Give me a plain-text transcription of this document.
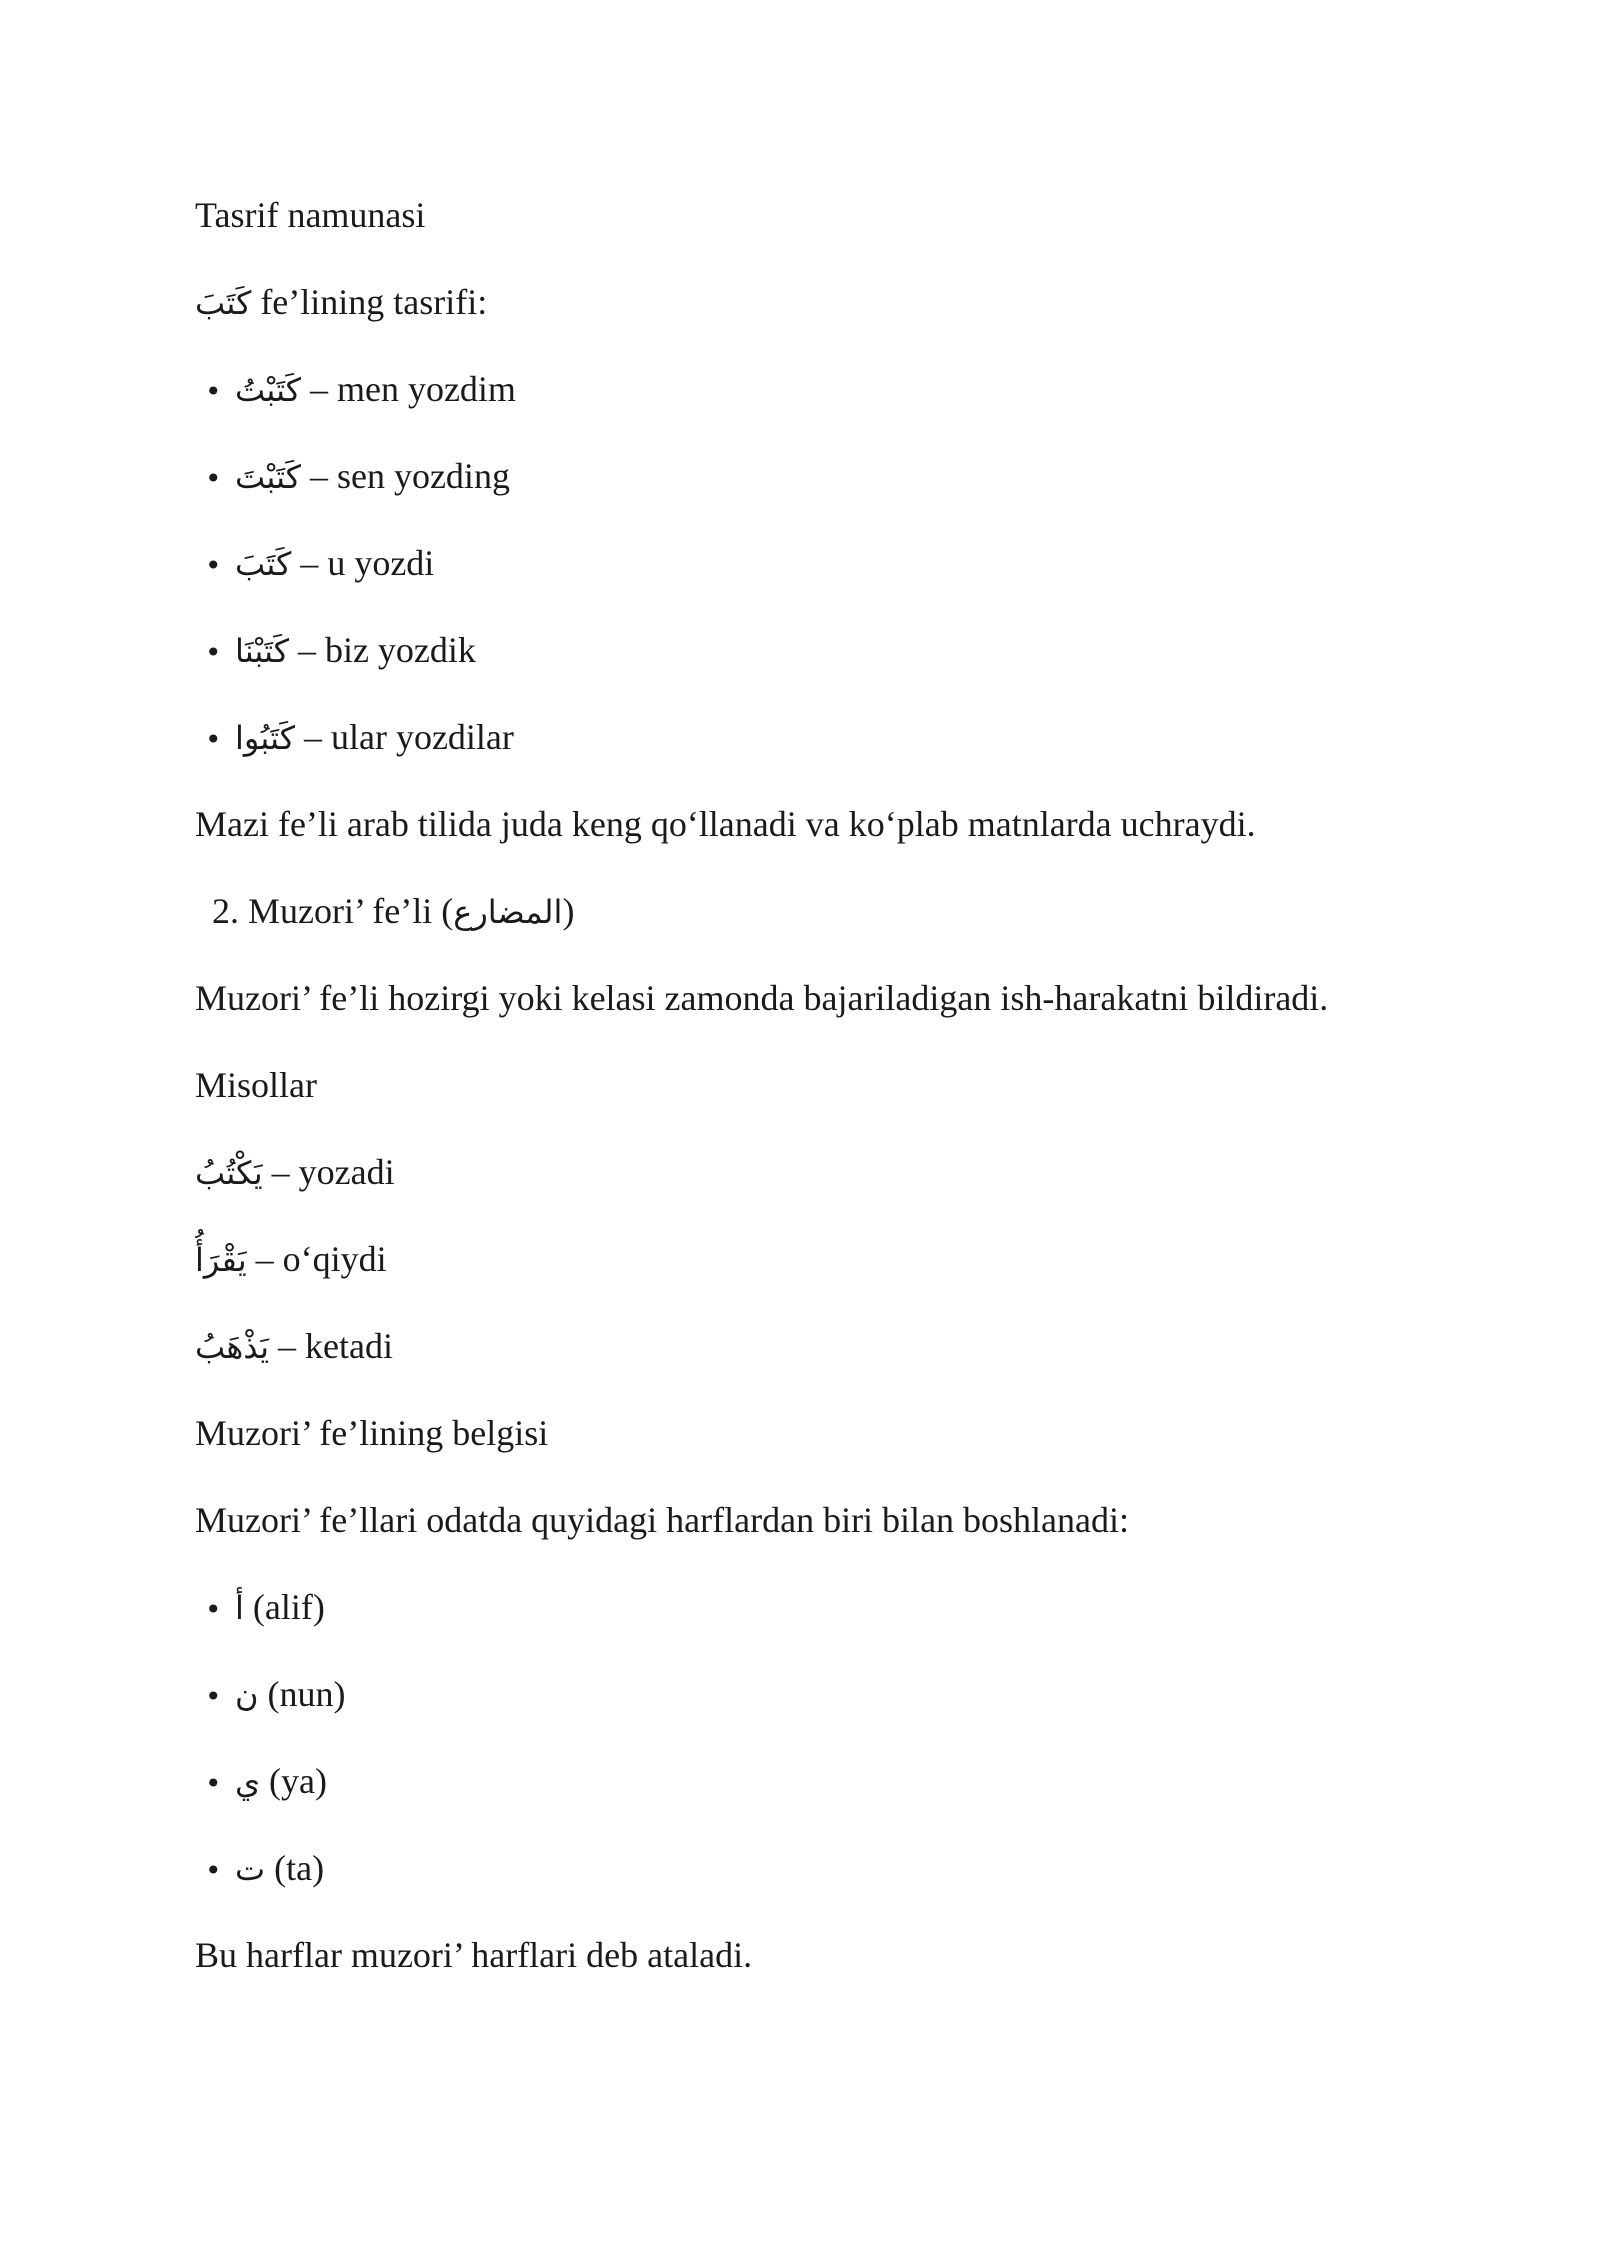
Tasrif namunasi
كَتَبَ fe’lining tasrifi:
• كَتَبْتُ – men yozdim
• كَتَبْتَ – sen yozding
• كَتَبَ – u yozdi
• كَتَبْنَا – biz yozdik
• كَتَبُوا – ular yozdilar
Mazi fe’li arab tilida juda keng qo‘llanadi va ko‘plab matnlarda uchraydi.
2. Muzori’ fe’li (المضارع)
Muzori’ fe’li hozirgi yoki kelasi zamonda bajariladigan ish-harakatni bildiradi.
Misollar
يَكْتُبُ – yozadi
يَقْرَأُ – o‘qiydi
يَذْهَبُ – ketadi
Muzori’ fe’lining belgisi
Muzori’ fe’llari odatda quyidagi harflardan biri bilan boshlanadi:
• أ (alif)
• ن (nun)
• ي (ya)
• ت (ta)
Bu harflar muzori’ harflari deb ataladi.
